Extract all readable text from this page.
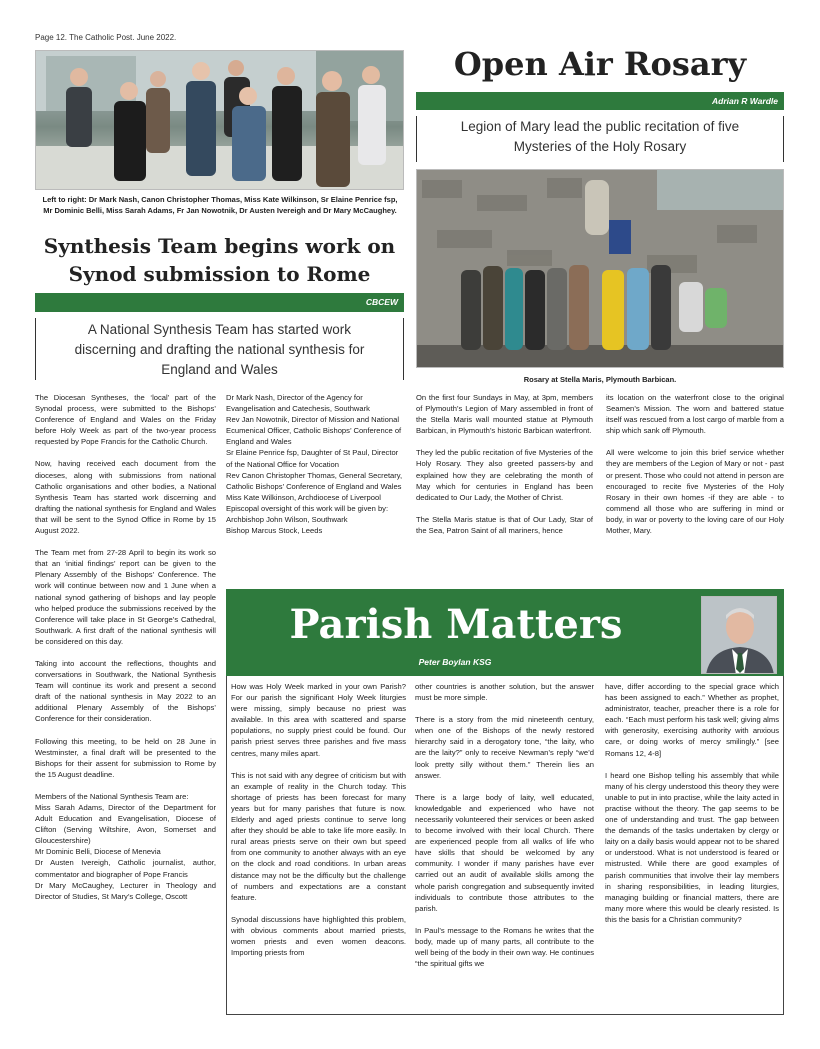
Page 12. The Catholic Post. June 2022.
Left to right: Dr Mark Nash, Canon Christopher Thomas, Miss Kate Wilkinson, Sr Elaine Penrice fsp, Mr Dominic Belli, Miss Sarah Adams, Fr Jan Nowotnik, Dr Austen Ivereigh and Dr Mary McCaughey.
Synthesis Team begins work on
Synod submission to Rome
CBCEW
A National Synthesis Team has started work discerning and drafting the national synthesis for England and Wales

The Diocesan Syntheses, the ‘local’ part of the Synodal process, were submitted to the Bishops’ Conference of England and Wales on the Friday before Holy Week as part of the two-year process requested by Pope Francis for the Catholic Church.

Now, having received each document from the dioceses, along with submissions from national Catholic organisations and other bodies, a National Synthesis Team has started work discerning and drafting the national synthesis for England and Wales that will be sent to the Synod Office in Rome by 15 August 2022.

The Team met from 27-28 April to begin its work so that an ‘initial findings’ report can be given to the Plenary Assembly of the Bishops’ Conference. The work will continue between now and 1 June when a national synod gathering of bishops and lay people who helped produce the submissions received by the Conference will take place in St George’s Cathedral, Southwark. A first draft of the national synthesis will be considered on this day.

Taking into account the reflections, thoughts and conversations in Southwark, the National Synthesis Team will continue its work and present a second draft of the national synthesis in May 2022 to an additional Plenary Assembly of the Bishops’ Conference for their consideration.

Following this meeting, to be held on 28 June in Westminster, a final draft will be presented to the Bishops for their assent for submission to Rome by the 15 August deadline.

Members of the National Synthesis Team are:

Miss Sarah Adams, Director of the Department for Adult Education and Evangelisation, Diocese of Clifton (Serving Wiltshire, Avon, Somerset and Gloucestershire)

Mr Dominic Belli, Diocese of Menevia

Dr Austen Ivereigh, Catholic journalist, author, commentator and biographer of Pope Francis

Dr Mary McCaughey, Lecturer in Theology and Director of Studies, St Mary’s College, Oscott

Dr Mark Nash, Director of the Agency for Evangelisation and Catechesis, Southwark

Rev Jan Nowotnik, Director of Mission and National Ecumenical Officer, Catholic Bishops’ Conference of England and Wales

Sr Elaine Penrice fsp, Daughter of St Paul, Director of the National Office for Vocation

Rev Canon Christopher Thomas, General Secretary, Catholic Bishops’ Conference of England and Wales

Miss Kate Wilkinson, Archdiocese of Liverpool

Episcopal oversight of this work will be given by: Archbishop John Wilson, Southwark

Bishop Marcus Stock, Leeds

Open Air Rosary
Adrian R Wardle
Legion of Mary lead the public recitation of five Mysteries of the Holy Rosary
Rosary at Stella Maris, Plymouth Barbican.

On the first four Sundays in May, at 3pm, members of Plymouth’s Legion of Mary assembled in front of the Stella Maris wall mounted statue at Plymouth Barbican, in Plymouth’s historic Barbican waterfront.

They led the public recitation of five Mysteries of the Holy Rosary. They also greeted passers-by and explained how they are celebrating the month of May which for centuries in England has been dedicated to Our Lady, the Mother of Christ.

The Stella Maris statue is that of Our Lady, Star of the Sea, Patron Saint of all mariners, hence

its location on the waterfront close to the original Seamen’s Mission. The worn and battered statue itself was rescued from a lost cargo of marble from a ship which sank off Plymouth.

All were welcome to join this brief service whether they are members of the Legion of Mary or not - past or present. Those who could not attend in person are encouraged to recite five Mysteries of the Holy Rosary in their own homes -if they are able - to commend all those who are suffering in mind or body, in war or poverty to the loving care of our Holy Mother, Mary.

Parish Matters
Peter Boylan KSG

How was Holy Week marked in your own Parish? For our parish the significant Holy Week liturgies were missing, simply because no priest was available. In this area with scattered and sparse populations, no supply priest could be found. Our parish priest serves three parishes and five mass centres, many miles apart.

This is not said with any degree of criticism but with an example of reality in the Church today. This shortage of priests has been forecast for many years but for many parishes that future is now. Elderly and aged priests continue to serve long after they should be able to take life more easily. In rural areas priests serve on their own but speed from one community to another always with an eye on the clock and road conditions. In urban areas distance may not be the difficulty but the challenge of numbers and expectations are a constant feature.

Synodal discussions have highlighted this problem, with obvious comments about married priests, women priests and even women deacons. Importing priests from

other countries is another solution, but the answer must be more simple.

There is a story from the mid nineteenth century, when one of the Bishops of the newly restored hierarchy said in a derogatory tone, “the laity, who are the laity?” only to receive Newman’s reply “we’d look pretty silly without them.” Therein lies an answer.

There is a large body of laity, well educated, knowledgable and experienced who have not necessarily volunteered their services or been asked to become involved with their local Church. There are experienced people from all walks of life who have skills that should be welcomed by any community. I wonder if many parishes have ever carried out an audit of available skills among the whole parish congregation and subsequently invited individuals to contribute those attributes to the parish.

In Paul’s message to the Romans he writes that the body, made up of many parts, all contribute to the well being of the body in their own way. He continues “the spiritual gifts we

have, differ according to the special grace which has been assigned to each.” Whether as prophet, administrator, teacher, preacher there is a role for each. “Each must perform his task well; giving alms with generosity, exercising authority with anxious care, or doing works of mercy smilingly.” [see Romans 12, 4-8]

I heard one Bishop telling his assembly that while many of his clergy understood this theory they were unable to put in into practise, while the laity acted in practise without the theory. The gap seems to be one of understanding and trust. The gap between the demands of the tasks undertaken by clergy or laity on a daily basis would appear not to be shared or understood. What is not understood is feared or mistrusted. While there are good examples of parish communities that involve their lay members in sharing responsibilities, in leading liturgies, managing building or financial matters, there are many more where this would be clearly resisted. Is this the basis for a Christian community?
